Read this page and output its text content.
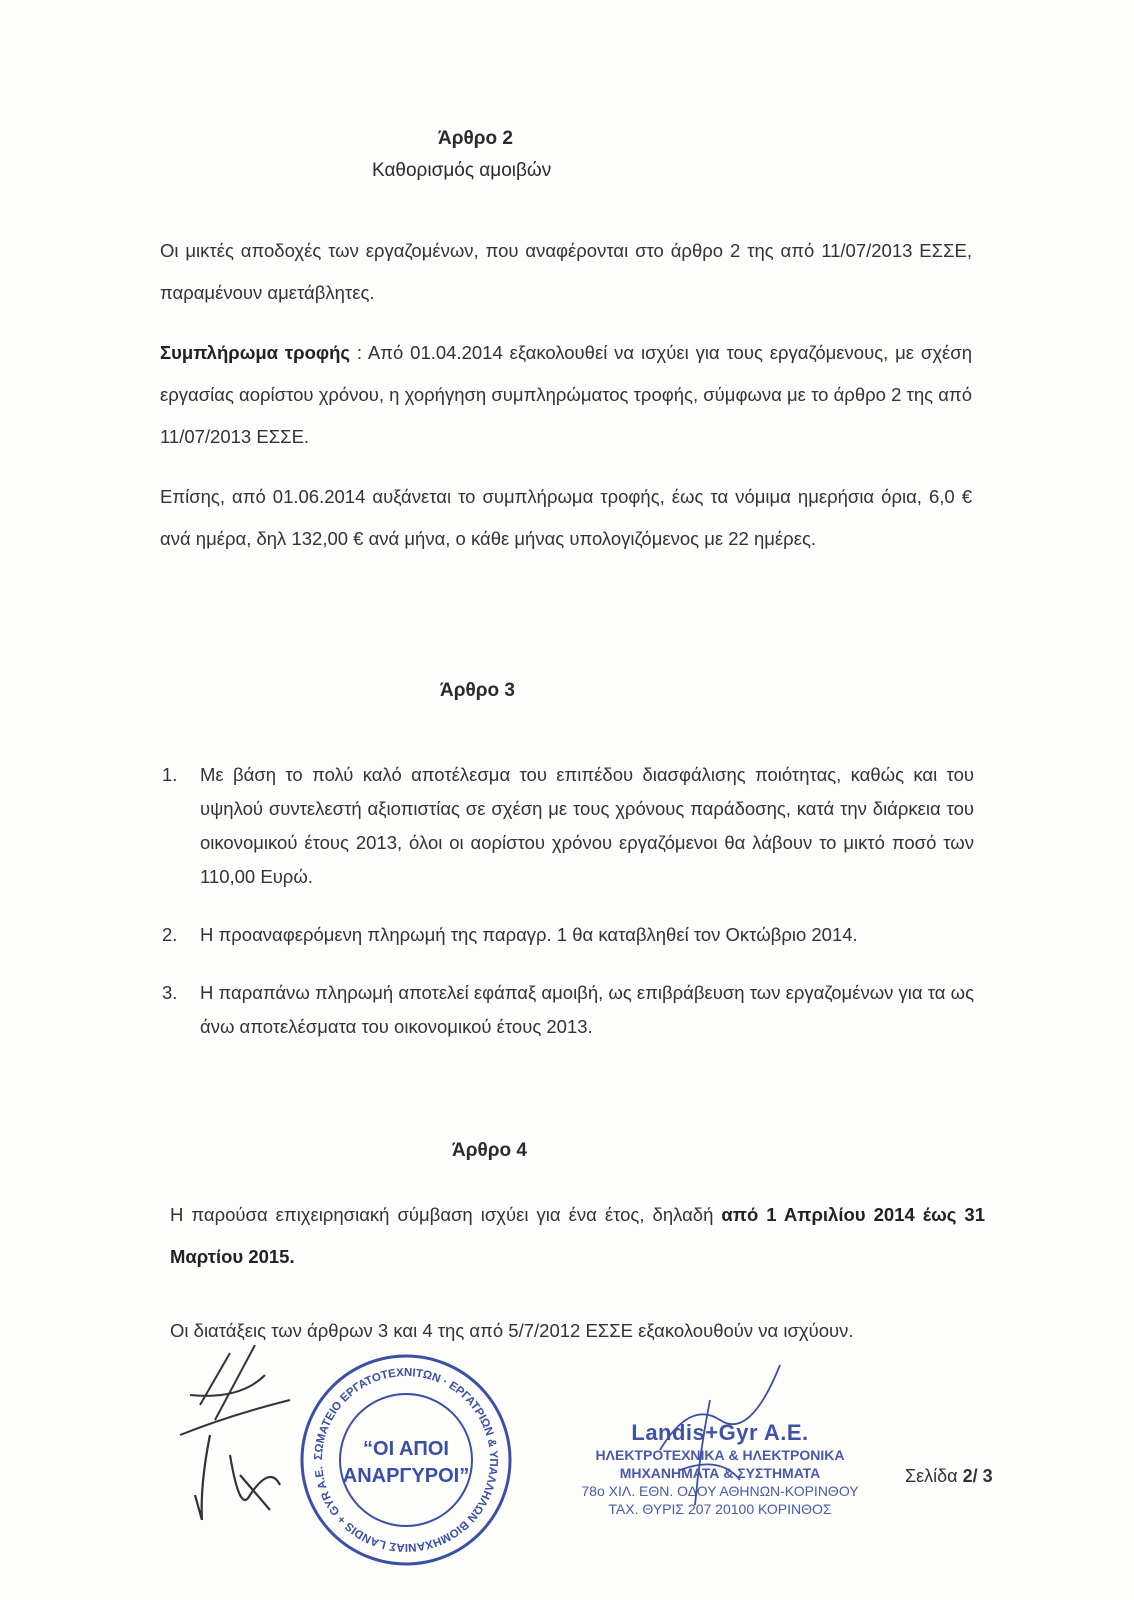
Άρθρο 2
Καθορισμός αμοιβών
Οι μικτές αποδοχές των εργαζομένων, που αναφέρονται στο άρθρο 2 της από 11/07/2013 ΕΣΣΕ, παραμένουν αμετάβλητες.
Συμπλήρωμα τροφής : Από 01.04.2014 εξακολουθεί να ισχύει για τους εργαζόμενους, με σχέση εργασίας αορίστου χρόνου, η χορήγηση συμπληρώματος τροφής, σύμφωνα με το άρθρο 2 της από 11/07/2013 ΕΣΣΕ.
Επίσης, από 01.06.2014 αυξάνεται το συμπλήρωμα τροφής, έως τα νόμιμα ημερήσια όρια, 6,0 € ανά ημέρα, δηλ 132,00 € ανά μήνα, ο κάθε μήνας υπολογιζόμενος με 22 ημέρες.
Άρθρο 3
1. Με βάση το πολύ καλό αποτέλεσμα του επιπέδου διασφάλισης ποιότητας, καθώς και του υψηλού συντελεστή αξιοπιστίας σε σχέση με τους χρόνους παράδοσης, κατά την διάρκεια του οικονομικού έτους 2013, όλοι οι αορίστου χρόνου εργαζόμενοι θα λάβουν το μικτό ποσό των 110,00 Ευρώ.
2. Η προαναφερόμενη πληρωμή της παραγρ. 1 θα καταβληθεί τον Οκτώβριο 2014.
3. Η παραπάνω πληρωμή αποτελεί εφάπαξ αμοιβή, ως επιβράβευση των εργαζομένων για τα ως άνω αποτελέσματα του οικονομικού έτους 2013.
Άρθρο 4
Η παρούσα επιχειρησιακή σύμβαση ισχύει για ένα έτος, δηλαδή από 1 Απριλίου 2014 έως 31 Μαρτίου 2015.
Οι διατάξεις των άρθρων 3 και 4 της από 5/7/2012 ΕΣΣΕ εξακολουθούν να ισχύουν.
ΣΩΜΑΤΕΙΟ ΕΡΓΑΤΟΤΕΧΝΙΤΩΝ · ΕΡΓΑΤΡΙΩΝ & ΥΠΑΛΛΗΛΩΝ ΒΙΟΜΗΧΑΝΙΑΣ LANDIS + GYR A.E.
“ΟΙ ΑΠΟΙ
ΑΝΑΡΓΥΡΟΙ”
Landis+Gyr A.E.
ΗΛΕΚΤΡΟΤΕΧΝΙΚΑ & ΗΛΕΚΤΡΟΝΙΚΑ
ΜΗΧΑΝΗΜΑΤΑ & ΣΥΣΤΗΜΑΤΑ
78ο ΧΙΛ. ΕΘΝ. ΟΔΟΥ ΑΘΗΝΩΝ-ΚΟΡΙΝΘΟΥ
ΤΑΧ. ΘΥΡΙΣ 207 20100 ΚΟΡΙΝΘΟΣ
Σελίδα 2/ 3
